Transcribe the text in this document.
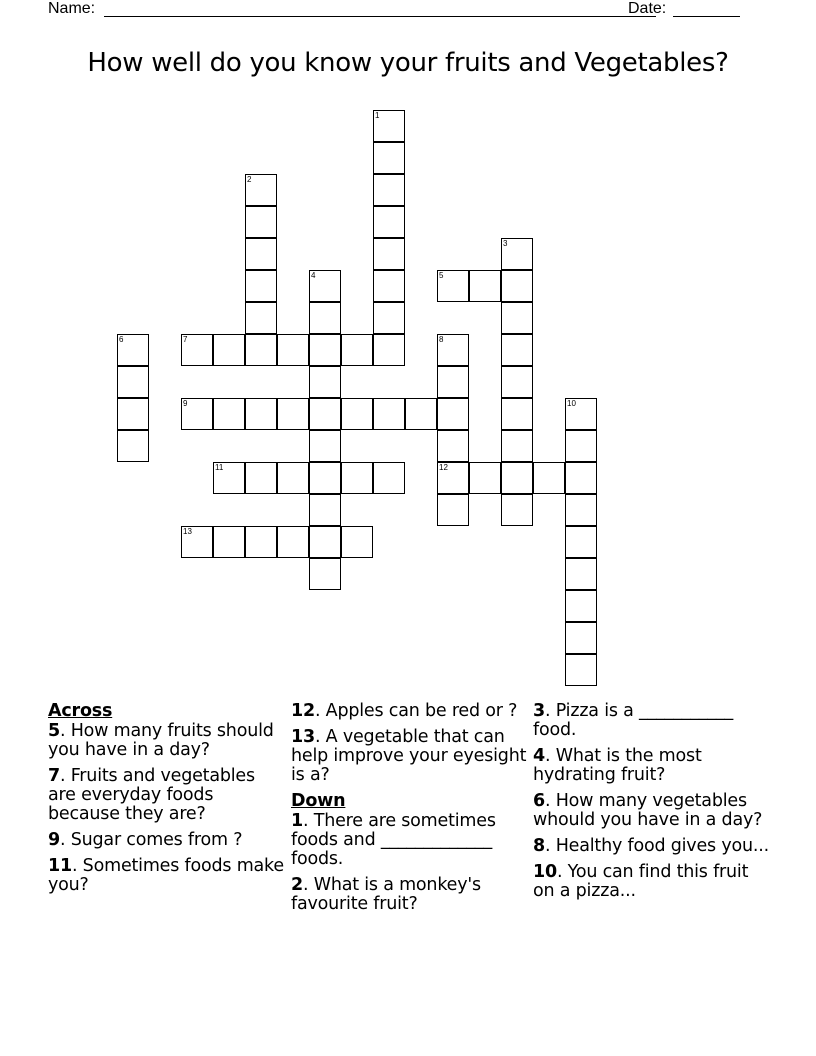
Name:	Date:
How well do you know your fruits and Vegetables?
1
2
3
4	5
6	7	8
12
9	10
11
13
Across
5. How many fruits should you have in a day?
7. Fruits and vegetables are everyday foods because they are?
9. Sugar comes from ?
11. Sometimes foods make you?
12. Apples can be red or ?
13. A vegetable that can help improve your eyesight is a?
Down
1. There are sometimes foods and _____________ foods.
2. What is a monkey's favourite fruit?
3. Pizza is a ___________ food.
4. What is the most hydrating fruit?
6. How many vegetables whould you have in a day?
8. Healthy food gives you...
10. You can find this fruit on a pizza...
